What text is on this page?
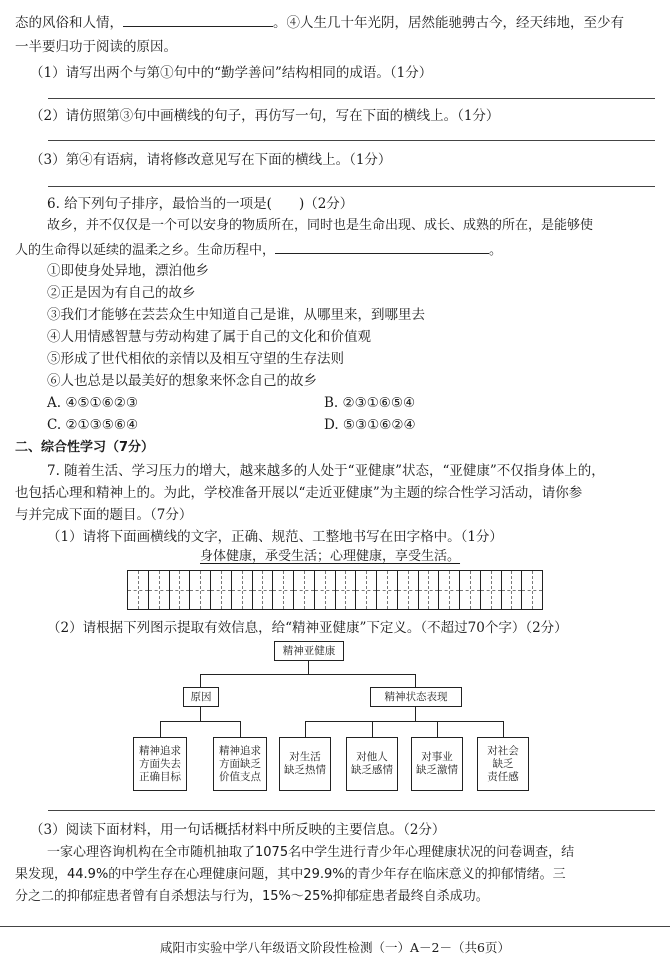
态的风俗和人情，	。④人生几十年光阴，居然能驰骋古今，经天纬地，至少有
一半要归功于阅读的原因。
（1）请写出两个与第①句中的“勤学善问”结构相同的成语。（1分）
（2）请仿照第③句中画横线的句子，再仿写一句，写在下面的横线上。（1分）
（3）第④有语病，请将修改意见写在下面的横线上。（1分）
6. 给下列句子排序，最恰当的一项是(　　)（2分）
故乡，并不仅仅是一个可以安身的物质所在，同时也是生命出现、成长、成熟的所在，是能够使
人的生命得以延续的温柔之乡。生命历程中，	。
①即使身处异地，漂泊他乡
②正是因为有自己的故乡
③我们才能够在芸芸众生中知道自己是谁，从哪里来，到哪里去
④人用情感智慧与劳动构建了属于自己的文化和价值观
⑤形成了世代相依的亲情以及相互守望的生存法则
⑥人也总是以最美好的想象来怀念自己的故乡
A. ④⑤①⑥②③	B. ②③①⑥⑤④
C. ②①③⑤⑥④	D. ⑤③①⑥②④
二、综合性学习（7分）
7. 随着生活、学习压力的增大，越来越多的人处于“亚健康”状态，“亚健康”不仅指身体上的，
也包括心理和精神上的。为此，学校准备开展以“走近亚健康”为主题的综合性学习活动，请你参
与并完成下面的题目。（7分）
（1）请将下面画横线的文字，正确、规范、工整地书写在田字格中。（1分）
身体健康，承受生活；心理健康，享受生活。
（2）请根据下列图示提取有效信息，给“精神亚健康”下定义。（不超过70个字）（2分）
精神亚健康
原因	精神状态表现
精神追求
方面失去
正确目标
精神追求
方面缺乏
价值支点
对生活
缺乏热情
对他人
缺乏感情
对事业
缺乏激情
对社会
缺乏
责任感
（3）阅读下面材料，用一句话概括材料中所反映的主要信息。（2分）
一家心理咨询机构在全市随机抽取了1075名中学生进行青少年心理健康状况的问卷调查，结
果发现，44.9%的中学生存在心理健康问题，其中29.9%的青少年存在临床意义的抑郁情绪。三
分之二的抑郁症患者曾有自杀想法与行为，15%～25%抑郁症患者最终自杀成功。
咸阳市实验中学八年级语文阶段性检测（一）A－2－（共6页）
